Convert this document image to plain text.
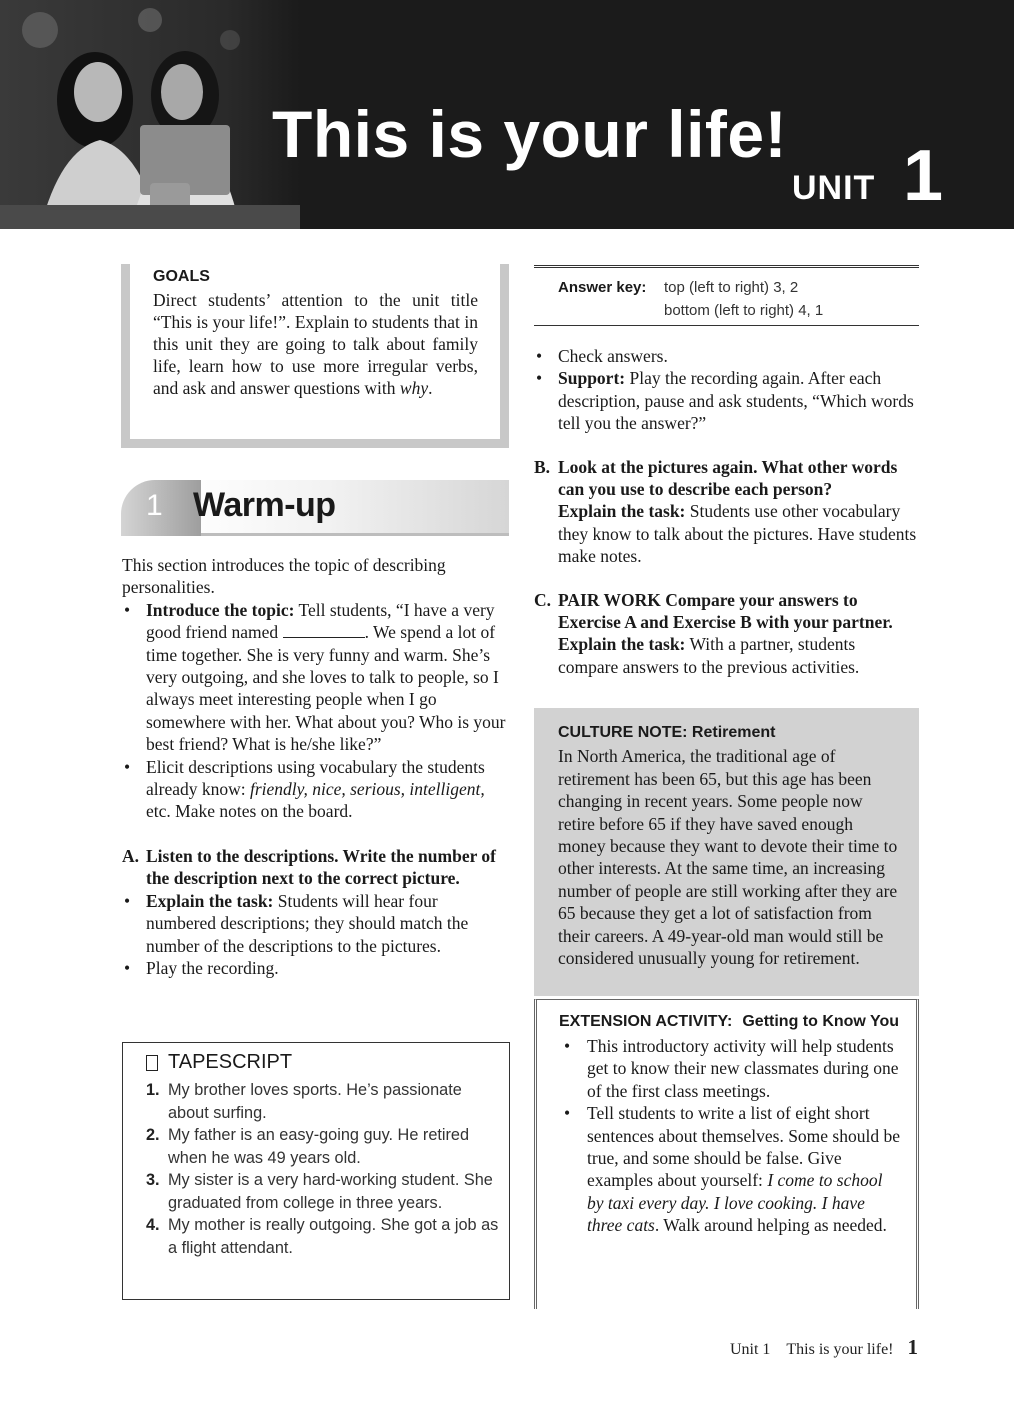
This is your life!
UNIT 1
GOALS

Direct students’ attention to the unit title “This is your life!”. Explain to students that in this unit they are going to talk about family life, learn how to use more irregular verbs, and ask and answer questions with why.

1 Warm-up

This section introduces the topic of describing personalities.

• Introduce the topic: Tell students, “I have a very good friend named	. We spend a lot of time together. She is very funny and warm. She’s very outgoing, and she loves to talk to people, so I always meet interesting people when I go somewhere with her. What about you? Who is your best friend? What is he/she like?”
• Elicit descriptions using vocabulary the students already know: friendly, nice, serious, intelligent, etc. Make notes on the board.
A. Listen to the descriptions. Write the number of the description next to the correct picture.
• Explain the task: Students will hear four numbered descriptions; they should match the number of the descriptions to the pictures.
• Play the recording.
TAPESCRIPT
1. My brother loves sports. He’s passionate about surfing.
2. My father is an easy-going guy. He retired when he was 49 years old.
3. My sister is a very hard-working student. She graduated from college in three years.
4. My mother is really outgoing. She got a job as a flight attendant.
Answer key: top (left to right) 3, 2
bottom (left to right) 4, 1
• Check answers.
• Support: Play the recording again. After each description, pause and ask students, “Which words tell you the answer?”
B. Look at the pictures again. What other words can you use to describe each person?
Explain the task: Students use other vocabulary they know to talk about the pictures. Have students make notes.
C. PAIR WORK Compare your answers to Exercise A and Exercise B with your partner.
Explain the task: With a partner, students compare answers to the previous activities.
CULTURE NOTE: Retirement

In North America, the traditional age of retirement has been 65, but this age has been changing in recent years. Some people now retire before 65 if they have saved enough money because they want to devote their time to other interests. At the same time, an increasing number of people are still working after they are 65 because they get a lot of satisfaction from their careers. A 49-year-old man would still be considered unusually young for retirement.

EXTENSION ACTIVITY: Getting to Know You
• This introductory activity will help students get to know their new classmates during one of the first class meetings.
• Tell students to write a list of eight short sentences about themselves. Some should be true, and some should be false. Give examples about yourself: I come to school by taxi every day. I love cooking. I have three cats. Walk around helping as needed.
Unit 1 This is your life! 1
